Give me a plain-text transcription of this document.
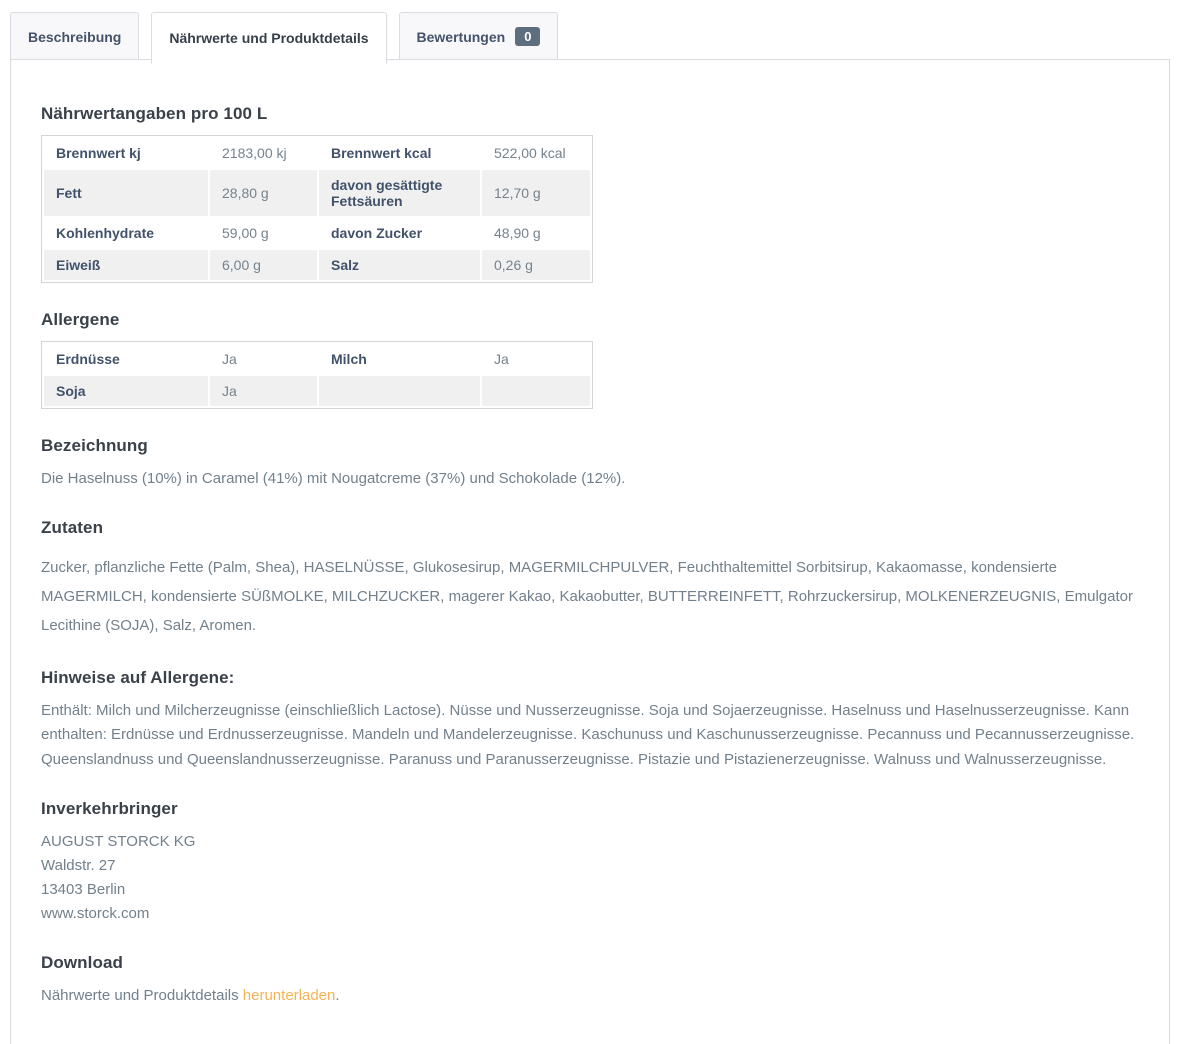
Beschreibung	Nährwerte und Produktdetails	Bewertungen	0
Nährwertangaben pro 100 L
Brennwert kj	2183,00 kj	Brennwert kcal	522,00 kcal
Fett	28,80 g	davon gesättigte Fettsäuren	12,70 g
Kohlenhydrate	59,00 g	davon Zucker	48,90 g
Eiweiß	6,00 g	Salz	0,26 g
Allergene
Erdnüsse	Ja	Milch	Ja
Soja	Ja		
Bezeichnung

Die Haselnuss (10%) in Caramel (41%) mit Nougatcreme (37%) und Schokolade (12%).

Zutaten

Zucker, pflanzliche Fette (Palm, Shea), HASELNÜSSE, Glukosesirup, MAGERMILCHPULVER, Feuchthaltemittel Sorbitsirup, Kakaomasse, kondensierte MAGERMILCH, kondensierte SÜßMOLKE, MILCHZUCKER, magerer Kakao, Kakaobutter, BUTTERREINFETT, Rohrzuckersirup, MOLKENERZEUGNIS, Emulgator Lecithine (SOJA), Salz, Aromen.

Hinweise auf Allergene:

Enthält: Milch und Milcherzeugnisse (einschließlich Lactose). Nüsse und Nusserzeugnisse. Soja und Sojaerzeugnisse. Haselnuss und Haselnusserzeugnisse. Kann enthalten: Erdnüsse und Erdnusserzeugnisse. Mandeln und Mandelerzeugnisse. Kaschunuss und Kaschunusserzeugnisse. Pecannuss und Pecannusserzeugnisse. Queenslandnuss und Queenslandnusserzeugnisse. Paranuss und Paranusserzeugnisse. Pistazie und Pistazienerzeugnisse. Walnuss und Walnusserzeugnisse.

Inverkehrbringer
AUGUST STORCK KG
Waldstr. 27
13403 Berlin
www.storck.com
Download

Nährwerte und Produktdetails herunterladen.
